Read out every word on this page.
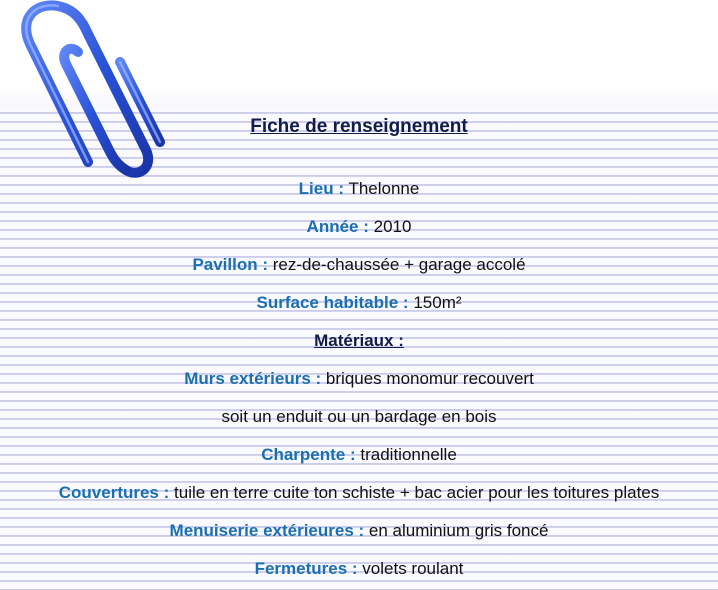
Fiche de renseignement
Lieu : Thelonne
Année : 2010
Pavillon : rez-de-chaussée + garage accolé
Surface habitable : 150m²
Matériaux :
Murs extérieurs : briques monomur recouvert
soit un enduit ou un bardage en bois
Charpente : traditionnelle
Couvertures : tuile en terre cuite ton schiste + bac acier pour les toitures plates
Menuiserie extérieures : en aluminium gris foncé
Fermetures : volets roulant
